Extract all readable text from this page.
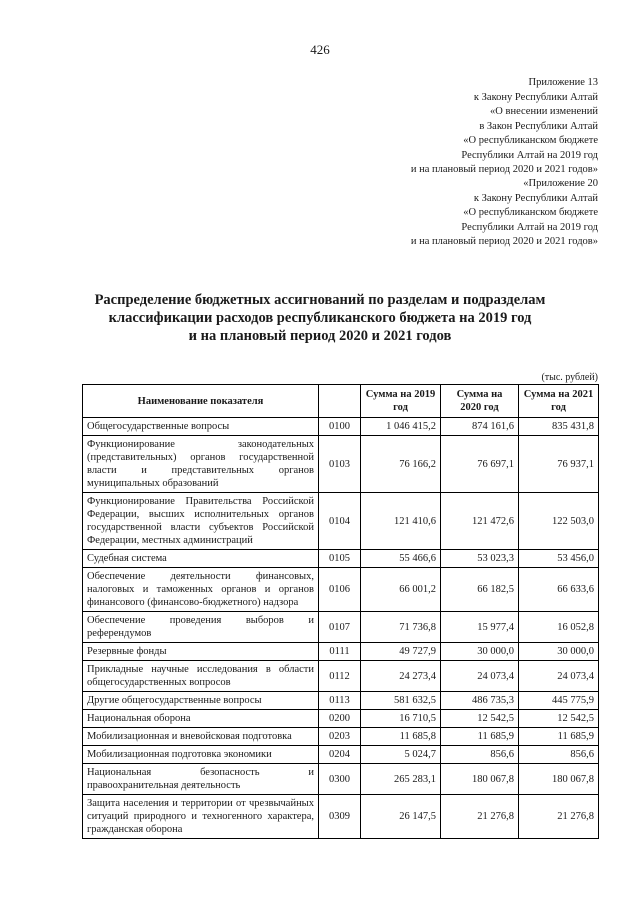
426
Приложение 13
к Закону Республики Алтай
«О внесении изменений
в Закон Республики Алтай
«О республиканском бюджете
Республики Алтай на 2019 год
и на плановый период 2020 и 2021 годов»
«Приложение 20
к Закону Республики Алтай
«О республиканском бюджете
Республики Алтай на 2019 год
и на плановый период 2020 и 2021 годов»
Распределение бюджетных ассигнований по разделам и подразделам
классификации расходов республиканского бюджета на 2019 год
и на плановый период 2020 и 2021 годов
(тыс. рублей)
Наименование показателя		Сумма на 2019 год	Сумма на 2020 год	Сумма на 2021 год
Общегосударственные вопросы	0100	1 046 415,2	874 161,6	835 431,8
Функционирование законодательных (представительных) органов государственной власти и представительных органов муниципальных образований	0103	76 166,2	76 697,1	76 937,1
Функционирование Правительства Российской Федерации, высших исполнительных органов государственной власти субъектов Российской Федерации, местных администраций	0104	121 410,6	121 472,6	122 503,0
Судебная система	0105	55 466,6	53 023,3	53 456,0
Обеспечение деятельности финансовых, налоговых и таможенных органов и органов финансового (финансово-бюджетного) надзора	0106	66 001,2	66 182,5	66 633,6
Обеспечение проведения выборов и референдумов	0107	71 736,8	15 977,4	16 052,8
Резервные фонды	0111	49 727,9	30 000,0	30 000,0
Прикладные научные исследования в области общегосударственных вопросов	0112	24 273,4	24 073,4	24 073,4
Другие общегосударственные вопросы	0113	581 632,5	486 735,3	445 775,9
Национальная оборона	0200	16 710,5	12 542,5	12 542,5
Мобилизационная и вневойсковая подготовка	0203	11 685,8	11 685,9	11 685,9
Мобилизационная подготовка экономики	0204	5 024,7	856,6	856,6
Национальная безопасность и правоохранительная деятельность	0300	265 283,1	180 067,8	180 067,8
Защита населения и территории от чрезвычайных ситуаций природного и техногенного характера, гражданская оборона	0309	26 147,5	21 276,8	21 276,8
